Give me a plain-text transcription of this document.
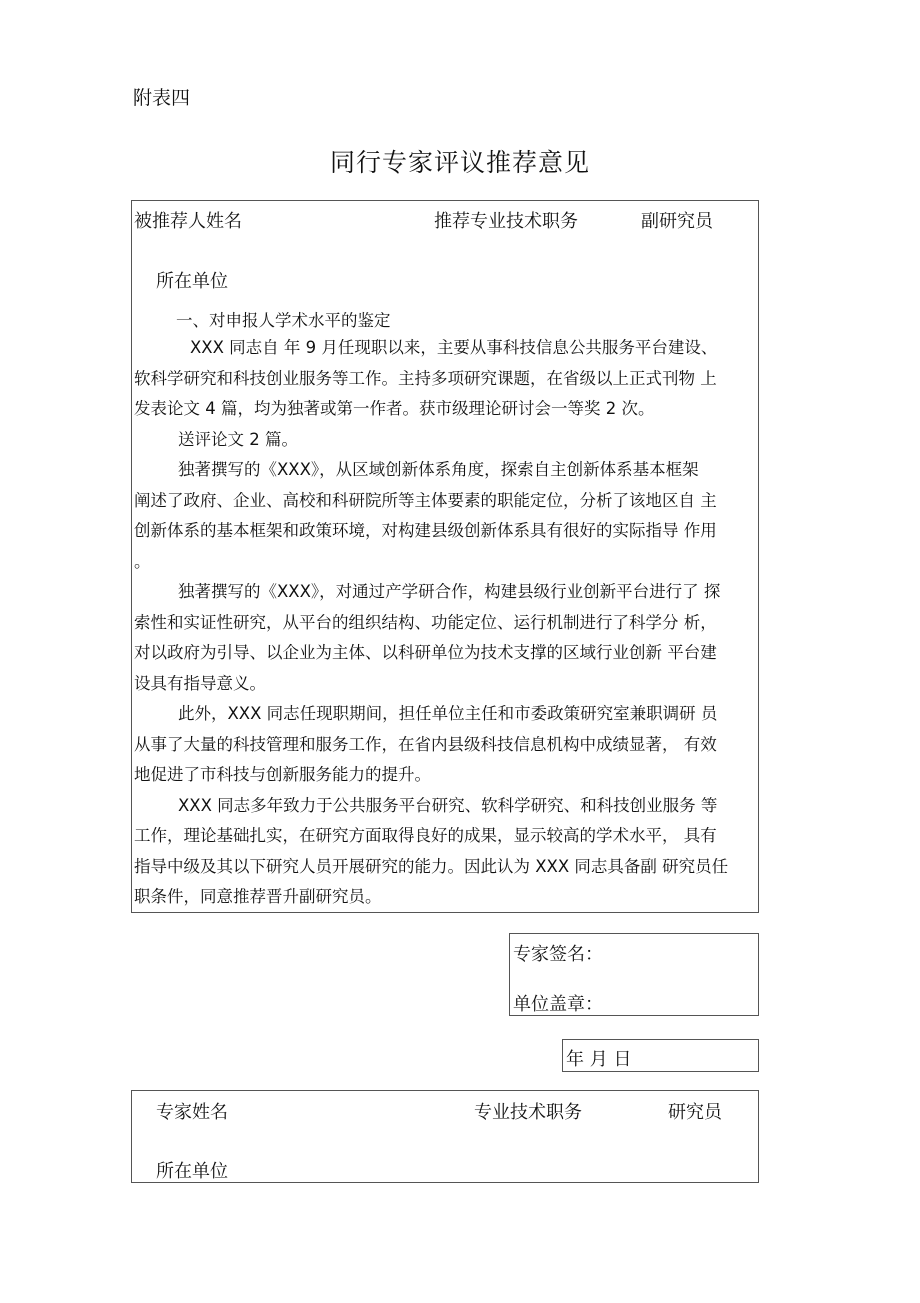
附表四
同行专家评议推荐意见
被推荐人姓名	推荐专业技术职务	副研究员
所在单位
一、对申报人学术水平的鉴定
XXX 同志自 年 9 月任现职以来，主要从事科技信息公共服务平台建设、
软科学研究和科技创业服务等工作。主持多项研究课题，在省级以上正式刊物 上
发表论文 4 篇，均为独著或第一作者。获市级理论研讨会一等奖 2 次。
送评论文 2 篇。
独著撰写的《XXX》，从区域创新体系角度，探索自主创新体系基本框架
阐述了政府、企业、高校和科研院所等主体要素的职能定位，分析了该地区自 主
创新体系的基本框架和政策环境，对构建县级创新体系具有很好的实际指导 作用
。
独著撰写的《XXX》，对通过产学研合作，构建县级行业创新平台进行了 探
索性和实证性研究，从平台的组织结构、功能定位、运行机制进行了科学分 析，
对以政府为引导、以企业为主体、以科研单位为技术支撑的区域行业创新 平台建
设具有指导意义。
此外，XXX 同志任现职期间，担任单位主任和市委政策研究室兼职调研 员
从事了大量的科技管理和服务工作，在省内县级科技信息机构中成绩显著， 有效
地促进了市科技与创新服务能力的提升。
XXX 同志多年致力于公共服务平台研究、软科学研究、和科技创业服务 等
工作，理论基础扎实，在研究方面取得良好的成果，显示较高的学术水平， 具有
指导中级及其以下研究人员开展研究的能力。因此认为 XXX 同志具备副 研究员任
职条件，同意推荐晋升副研究员。
专家签名：
单位盖章：
年 月 日
专家姓名	专业技术职务	研究员
所在单位
